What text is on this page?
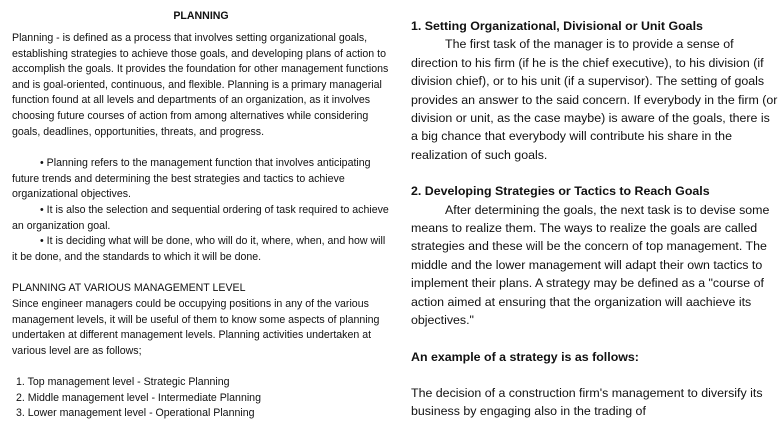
PLANNING

Planning - is defined as a process that involves setting organizational goals, establishing strategies to achieve those goals, and developing plans of action to accomplish the goals. It provides the foundation for other management functions and is goal-oriented, continuous, and flexible. Planning is a primary managerial function found at all levels and departments of an organization, as it involves choosing future courses of action from among alternatives while considering goals, deadlines, opportunities, threats, and progress.

• Planning refers to the management function that involves anticipating future trends and determining the best strategies and tactics to achieve organizational objectives.

• It is also the selection and sequential ordering of task required to achieve an organization goal.

• It is deciding what will be done, who will do it, where, when, and how will it be done, and the standards to which it will be done.

PLANNING AT VARIOUS MANAGEMENT LEVEL

Since engineer managers could be occupying positions in any of the various management levels, it will be useful of them to know some aspects of planning undertaken at different management levels. Planning activities undertaken at various level are as follows;

1. Top management level - Strategic Planning
2. Middle management level - Intermediate Planning
3. Lower management level - Operational Planning

1. Setting Organizational, Divisional or Unit Goals

The first task of the manager is to provide a sense of direction to his firm (if he is the chief executive), to his division (if division chief), or to his unit (if a supervisor). The setting of goals provides an answer to the said concern. If everybody in the firm (or division or unit, as the case maybe) is aware of the goals, there is a big chance that everybody will contribute his share in the realization of such goals.

2. Developing Strategies or Tactics to Reach Goals

After determining the goals, the next task is to devise some means to realize them. The ways to realize the goals are called strategies and these will be the concern of top management. The middle and the lower management will adapt their own tactics to implement their plans. A strategy may be defined as a "course of action aimed at ensuring that the organization will aachieve its objectives."

An example of a strategy is as follows:

The decision of a construction firm's management to diversify its business by engaging also in the trading of
